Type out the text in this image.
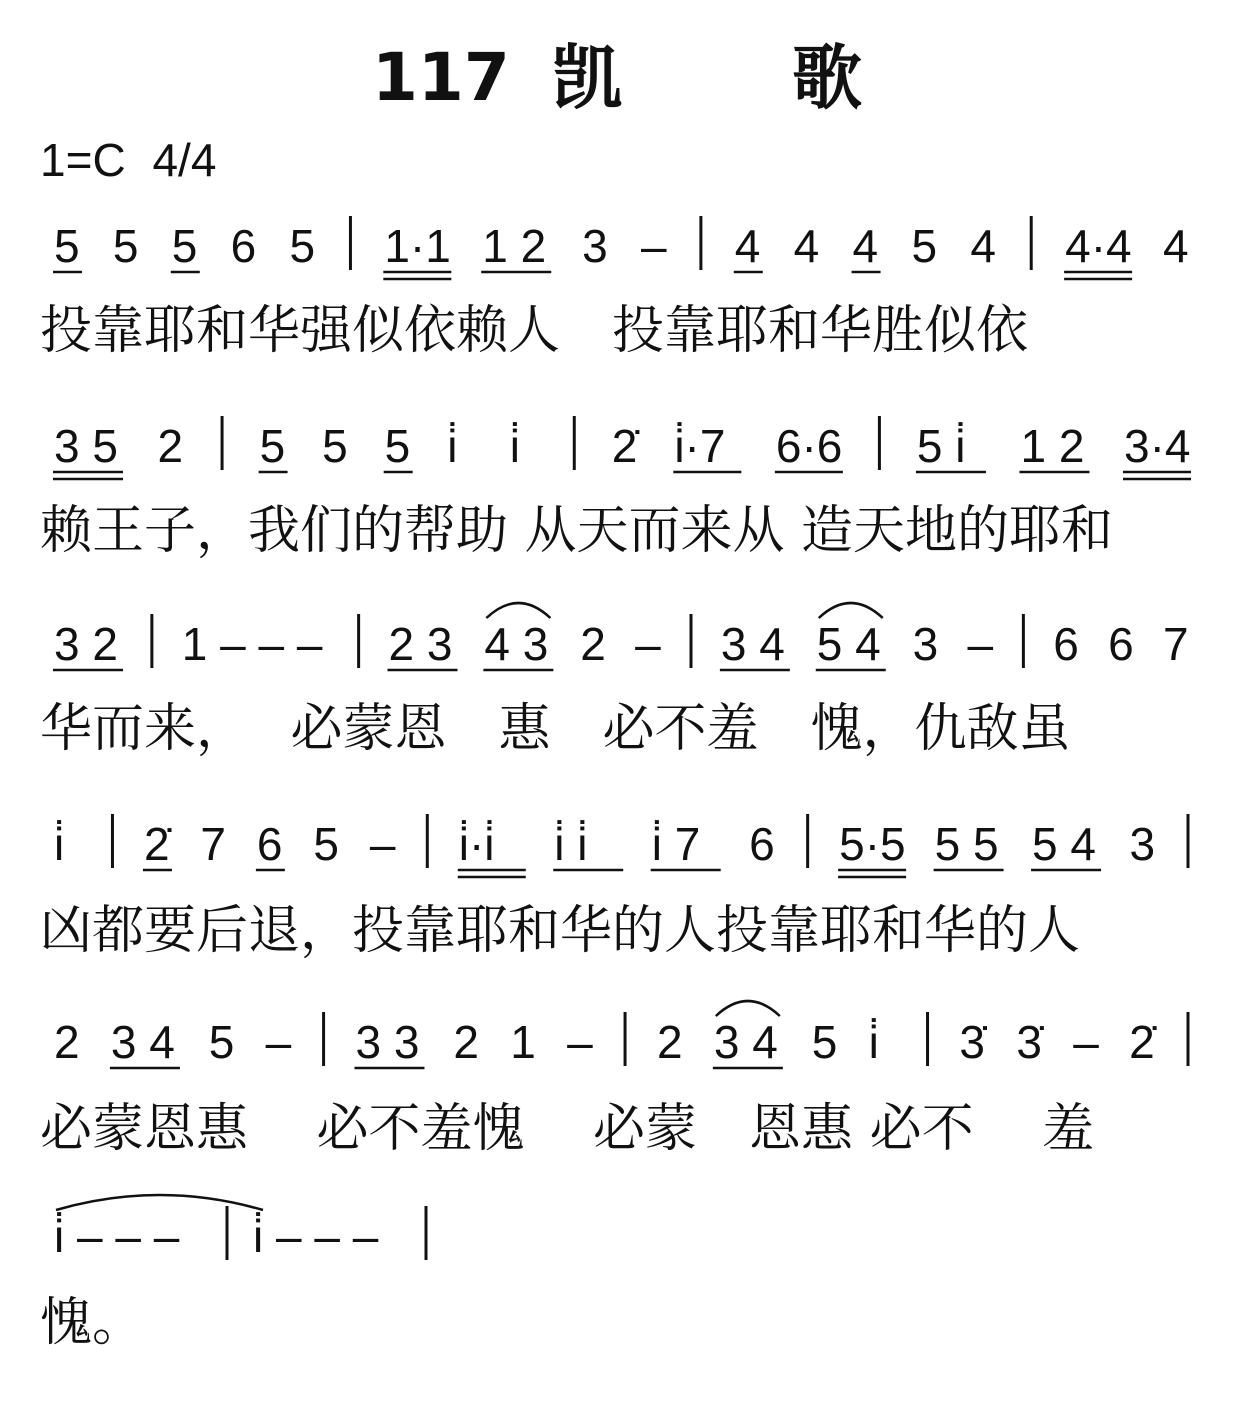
117 凯 歌
1=C 4/4
5 5 5 6 5 1·1 1 2 3 – 4 4 4 5 4 4·4 4
3 5 2 5 5 5 i̇ i̇ 2̇ i̇·7 6·6 5 i̇ 1 2 3·4
3 2 1 – – – 2 3 4 3 2 – 3 4 5 4 3 – 6 6 7
i̇ 2̇ 7 6 5 – i̇·i̇ i̇ i̇ i̇ 7 6 5·5 5 5 5 4 3
2 3 4 5 – 3 3 2 1 – 2 3 4 5 i̇ 3̇ 3̇ – 2̇
i̇ – – – i̇ – – –
投靠耶和华强似依赖人　投靠耶和华胜似依
赖王子，我们的帮助 从天而来从 造天地的耶和
华而来，　 必蒙恩　惠　必不羞　愧，仇敌虽
凶都要后退，投靠耶和华的人投靠耶和华的人
必蒙恩惠　 必不羞愧　 必蒙　恩惠 必不　 羞
愧。
